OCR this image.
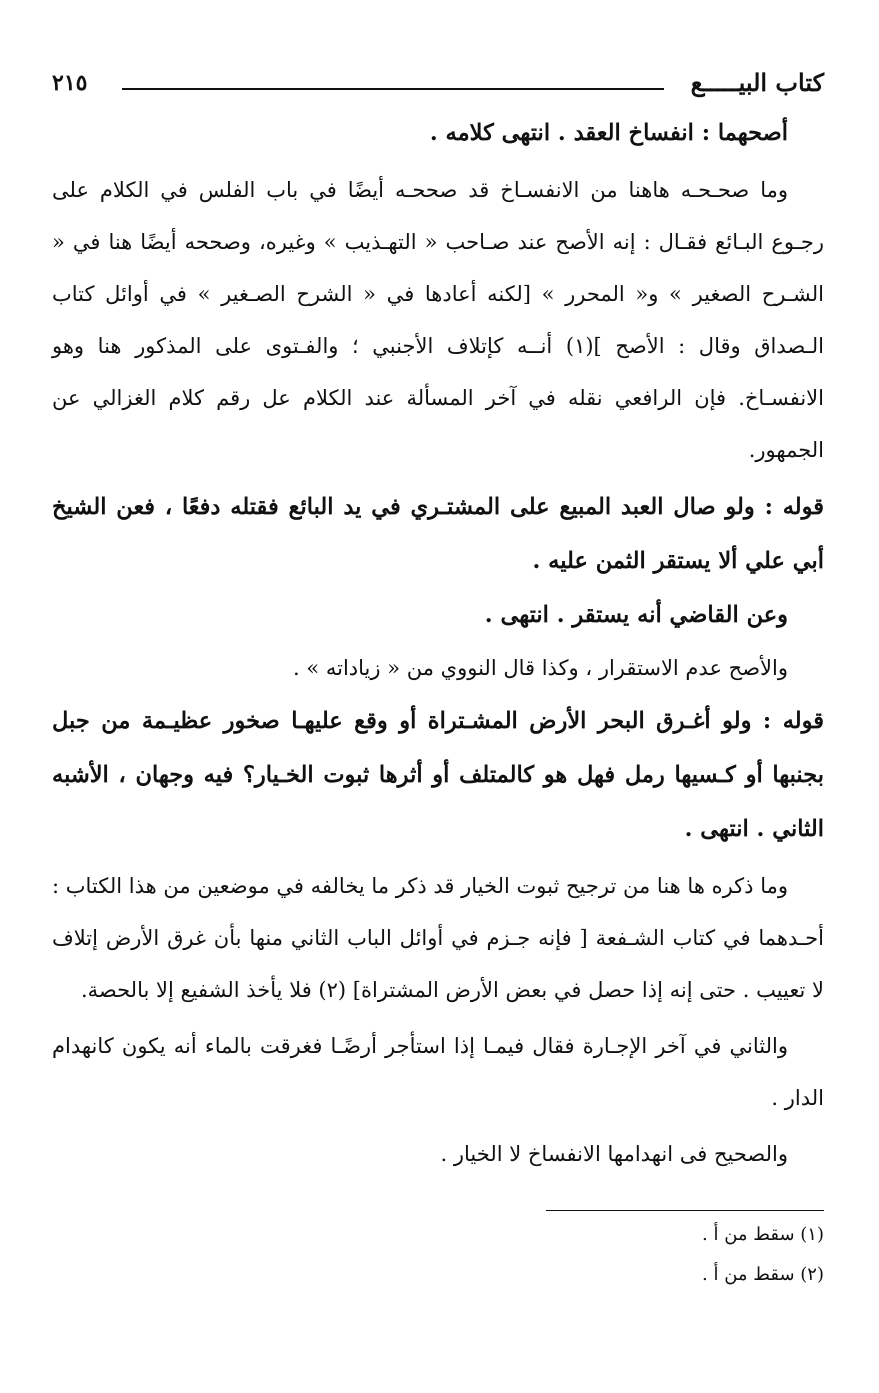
كتاب البيـــــع
٢١٥

أصحهما : انفساخ العقد . انتهى كلامه .

وما صحـحـه هاهنا من الانفسـاخ قد صححـه أيضًا في باب الفلس في الكلام على رجـوع البـائع فقـال : إنه الأصح عند صـاحب « التهـذيب » وغيره، وصححه أيضًا هنا في « الشـرح الصغير » و« المحرر » [لكنه أعادها في « الشرح الصـغير » في أوائل كتاب الـصداق وقال : الأصح ](١) أنــه كإتلاف الأجنبي ؛ والفـتوى على المذكور هنا وهو الانفسـاخ. فإن الرافعي نقله في آخر المسألة عند الكلام عل رقم كلام الغزالي عن الجمهور.

قوله : ولو صال العبد المبيع على المشتـري في يد البائع فقتله دفعًا ، فعن الشيخ أبي علي ألا يستقر الثمن عليه .

وعن القاضي أنه يستقر . انتهى .

والأصح عدم الاستقرار ، وكذا قال النووي من « زياداته » .

قوله : ولو أغـرق البحر الأرض المشـتراة أو وقع عليهـا صخور عظيـمة من جبل بجنبها أو كـسيها رمل فهل هو كالمتلف أو أثرها ثبوت الخـيار؟ فيه وجهان ، الأشبه الثاني . انتهى .

وما ذكره ها هنا من ترجيح ثبوت الخيار قد ذكر ما يخالفه في موضعين من هذا الكتاب : أحـدهما في كتاب الشـفعة [ فإنه جـزم في أوائل الباب الثاني منها بأن غرق الأرض إتلاف لا تعييب . حتى إنه إذا حصل في بعض الأرض المشتراة] (٢) فلا يأخذ الشفيع إلا بالحصة.

والثاني في آخر الإجـارة فقال فيمـا إذا استأجر أرضًـا فغرقت بالماء أنه يكون كانهدام الدار .

والصحيح فى انهدامها الانفساخ لا الخيار .

(١) سقط من أ .

(٢) سقط من أ .
